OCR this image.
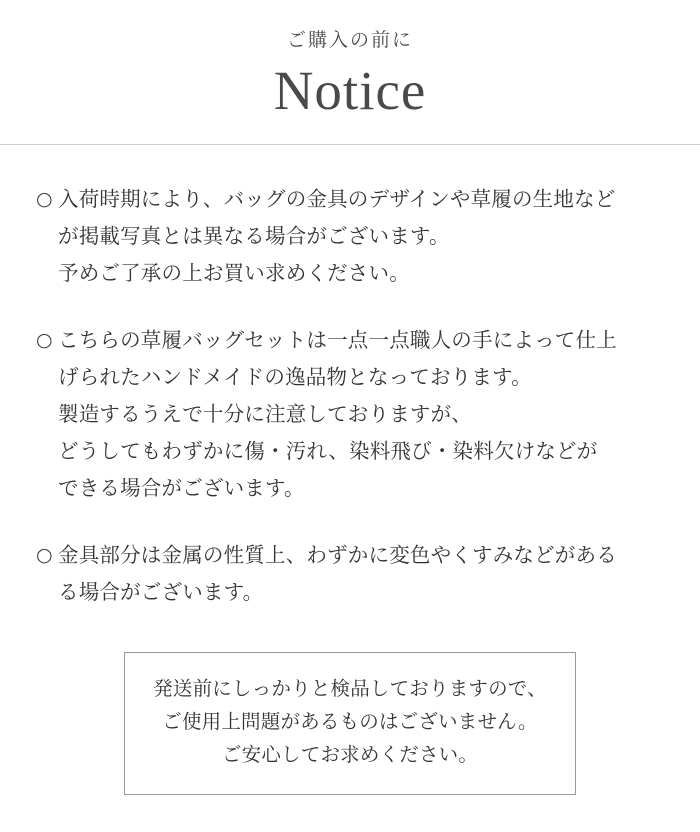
ご購入の前に
Notice
○ 入荷時期により、バッグの金具のデザインや草履の生地など
が掲載写真とは異なる場合がございます。
予めご了承の上お買い求めください。
○ こちらの草履バッグセットは一点一点職人の手によって仕上
げられたハンドメイドの逸品物となっております。
製造するうえで十分に注意しておりますが、
どうしてもわずかに傷・汚れ、染料飛び・染料欠けなどが
できる場合がございます。
○ 金具部分は金属の性質上、わずかに変色やくすみなどがある
る場合がございます。
発送前にしっかりと検品しておりますので、
ご使用上問題があるものはございません。
ご安心してお求めください。
